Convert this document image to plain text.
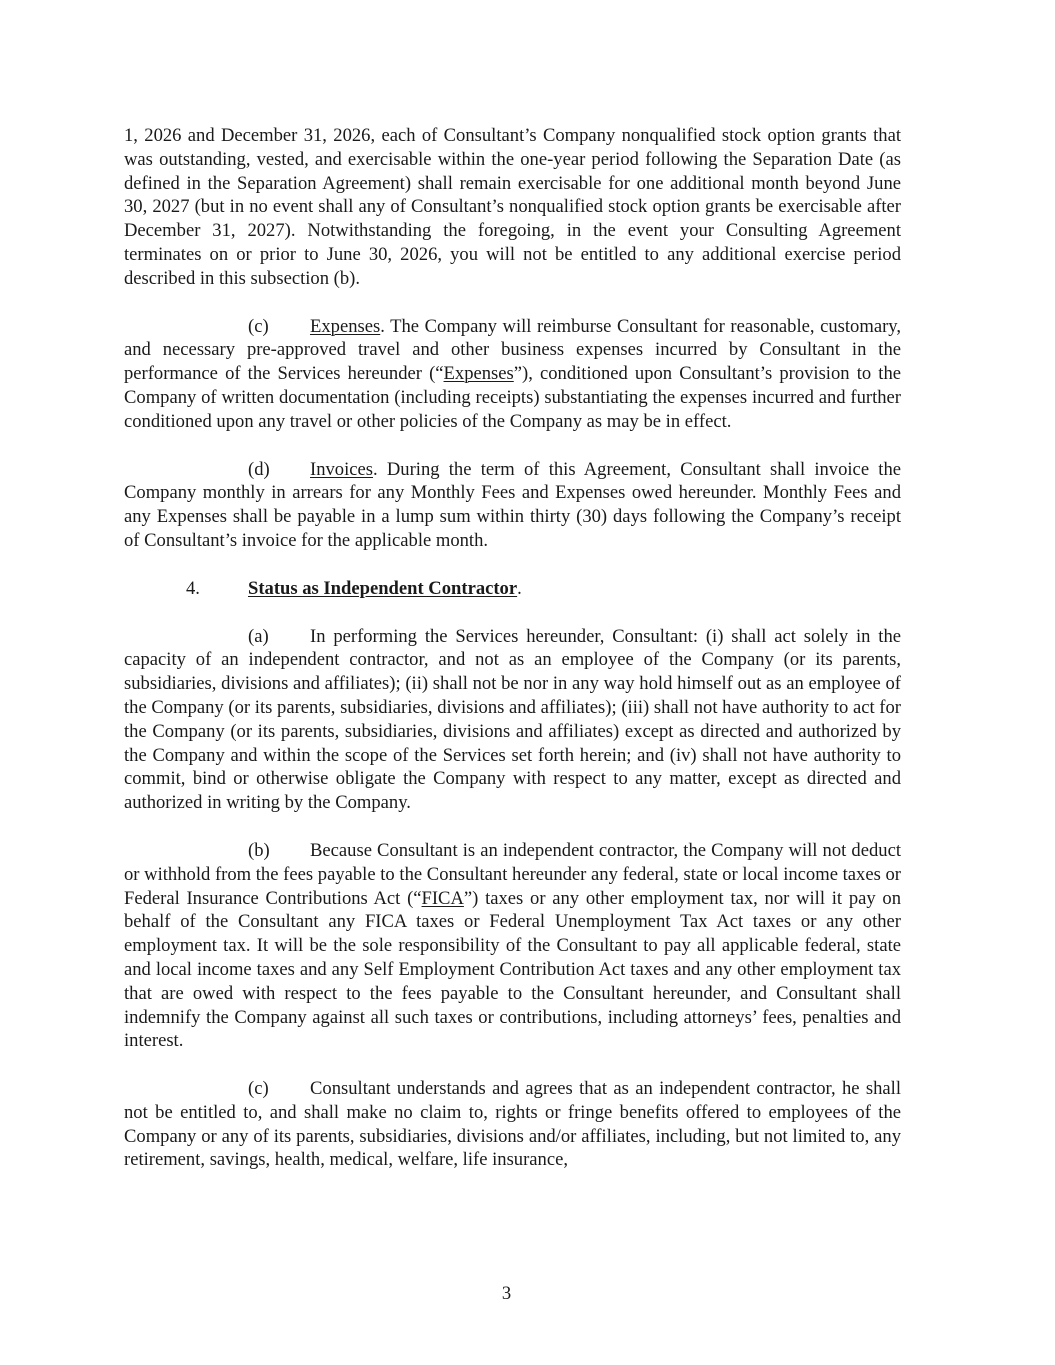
1, 2026 and December 31, 2026, each of Consultant’s Company nonqualified stock option grants that was outstanding, vested, and exercisable within the one-year period following the Separation Date (as defined in the Separation Agreement) shall remain exercisable for one additional month beyond June 30, 2027 (but in no event shall any of Consultant’s nonqualified stock option grants be exercisable after December 31, 2027). Notwithstanding the foregoing, in the event your Consulting Agreement terminates on or prior to June 30, 2026, you will not be entitled to any additional exercise period described in this subsection (b).

(c) Expenses. The Company will reimburse Consultant for reasonable, customary, and necessary pre-approved travel and other business expenses incurred by Consultant in the performance of the Services hereunder (“Expenses”), conditioned upon Consultant’s provision to the Company of written documentation (including receipts) substantiating the expenses incurred and further conditioned upon any travel or other policies of the Company as may be in effect.

(d) Invoices. During the term of this Agreement, Consultant shall invoice the Company monthly in arrears for any Monthly Fees and Expenses owed hereunder. Monthly Fees and any Expenses shall be payable in a lump sum within thirty (30) days following the Company’s receipt of Consultant’s invoice for the applicable month.

4.	Status as Independent Contractor.

(a) In performing the Services hereunder, Consultant: (i) shall act solely in the capacity of an independent contractor, and not as an employee of the Company (or its parents, subsidiaries, divisions and affiliates); (ii) shall not be nor in any way hold himself out as an employee of the Company (or its parents, subsidiaries, divisions and affiliates); (iii) shall not have authority to act for the Company (or its parents, subsidiaries, divisions and affiliates) except as directed and authorized by the Company and within the scope of the Services set forth herein; and (iv) shall not have authority to commit, bind or otherwise obligate the Company with respect to any matter, except as directed and authorized in writing by the Company.

(b) Because Consultant is an independent contractor, the Company will not deduct or withhold from the fees payable to the Consultant hereunder any federal, state or local income taxes or Federal Insurance Contributions Act (“FICA”) taxes or any other employment tax, nor will it pay on behalf of the Consultant any FICA taxes or Federal Unemployment Tax Act taxes or any other employment tax. It will be the sole responsibility of the Consultant to pay all applicable federal, state and local income taxes and any Self Employment Contribution Act taxes and any other employment tax that are owed with respect to the fees payable to the Consultant hereunder, and Consultant shall indemnify the Company against all such taxes or contributions, including attorneys’ fees, penalties and interest.

(c) Consultant understands and agrees that as an independent contractor, he shall not be entitled to, and shall make no claim to, rights or fringe benefits offered to employees of the Company or any of its parents, subsidiaries, divisions and/or affiliates, including, but not limited to, any retirement, savings, health, medical, welfare, life insurance,

3
